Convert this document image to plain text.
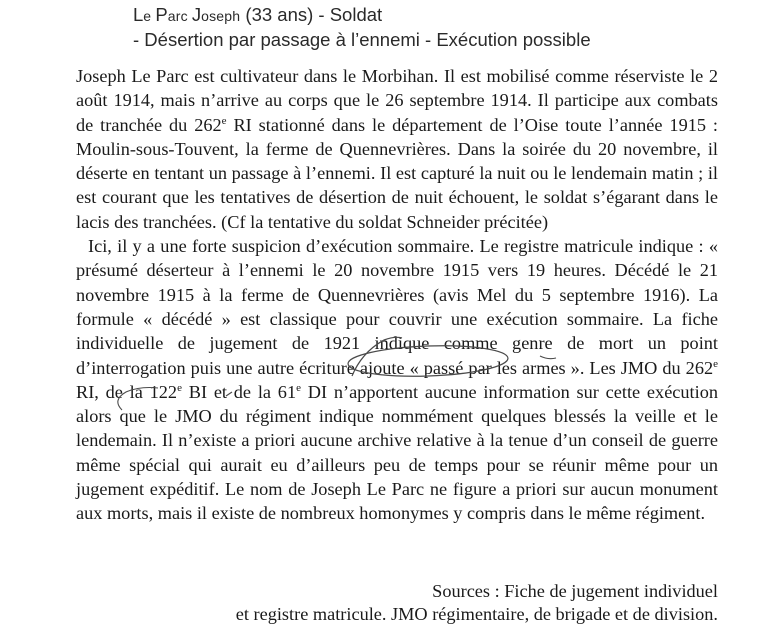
Le Parc Joseph (33 ans) - Soldat
- Désertion par passage à l’ennemi - Exécution possible

Joseph Le Parc est cultivateur dans le Morbihan. Il est mobilisé comme réserviste le 2 août 1914, mais n’arrive au corps que le 26 septembre 1914. Il participe aux combats de tranchée du 262e RI stationné dans le département de l’Oise toute l’année 1915 : Moulin-sous-Touvent, la ferme de Quennevrières. Dans la soirée du 20 novembre, il déserte en tentant un passage à l’ennemi. Il est capturé la nuit ou le lendemain matin ; il est courant que les tentatives de désertion de nuit échouent, le soldat s’égarant dans le lacis des tranchées. (Cf la tentative du soldat Schneider précitée)

Ici, il y a une forte suspicion d’exécution sommaire. Le registre matricule indique : « présumé déserteur à l’ennemi le 20 novembre 1915 vers 19 heures. Décédé le 21 novembre 1915 à la ferme de Quennevrières (avis Mel du 5 septembre 1916). La formule « décédé » est classique pour couvrir une exécution sommaire. La fiche individuelle de jugement de 1921 indique comme genre de mort un point d’interrogation puis une autre écriture ajoute « passé par les armes ». Les JMO du 262e RI, de la 122e BI et de la 61e DI n’apportent aucune information sur cette exécution alors que le JMO du régiment indique nommément quelques blessés la veille et le lendemain. Il n’existe a priori aucune archive relative à la tenue d’un conseil de guerre même spécial qui aurait eu d’ailleurs peu de temps pour se réunir même pour un jugement expéditif. Le nom de Joseph Le Parc ne figure a priori sur aucun monument aux morts, mais il existe de nombreux homonymes y compris dans le même régiment.

Sources : Fiche de jugement individuel
et registre matricule. JMO régimentaire, de brigade et de division.
